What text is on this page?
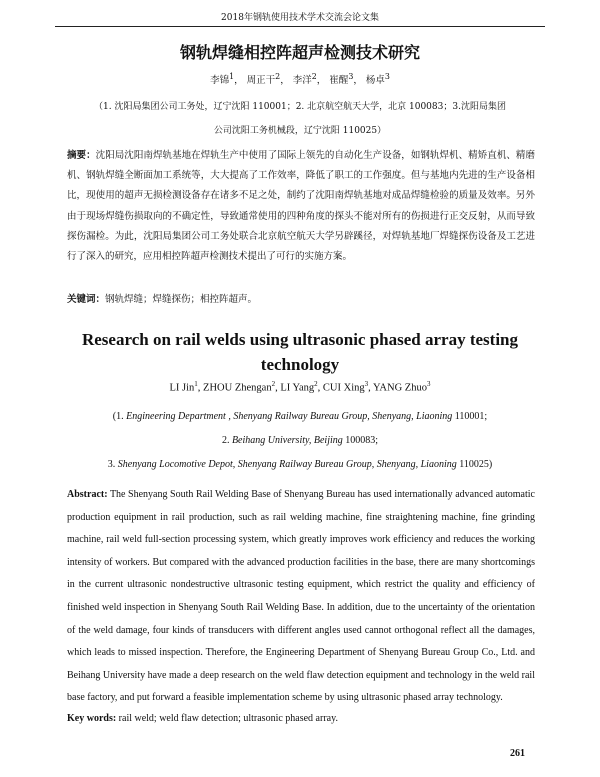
2018年钢轨使用技术学术交流会论文集
钢轨焊缝相控阵超声检测技术研究
李锦$^1$， 周正干$^2$， 李洋$^2$， 崔醒$^3$， 杨卓$^3$
（1. 沈阳局集团公司工务处，辽宁沈阳 110001；2. 北京航空航天大学，北京 100083；3.沈阳局集团
公司沈阳工务机械段，辽宁沈阳 110025）
摘要：沈阳局沈阳南焊轨基地在焊轨生产中使用了国际上领先的自动化生产设备，如钢轨焊机、精矫直机、精磨机、钢轨焊缝全断面加工系统等，大大提高了工作效率，降低了职工的工作强度。但与基地内先进的生产设备相比，现使用的超声无损检测设备存在诸多不足之处，制约了沈阳南焊轨基地对成品焊缝检验的质量及效率。另外由于现场焊缝伤损取向的不确定性，导致通常使用的四种角度的探头不能对所有的伤损进行正交反射，从而导致探伤漏检。为此，沈阳局集团公司工务处联合北京航空航天大学另辟蹊径，对焊轨基地厂焊缝探伤设备及工艺进行了深入的研究，应用相控阵超声检测技术提出了可行的实施方案。
关键词：钢轨焊缝；焊缝探伤；相控阵超声。
Research on rail welds using ultrasonic phased array testing technology
LI Jin$^1$, ZHOU Zhengan$^2$, LI Yang$^2$, CUI Xing$^3$, YANG Zhuo$^3$
(1. Engineering Department , Shenyang Railway Bureau Group, Shenyang, Liaoning 110001;
2. Beihang University, Beijing 100083;
3. Shenyang Locomotive Depot, Shenyang Railway Bureau Group, Shenyang, Liaoning 110025)
Abstract: The Shenyang South Rail Welding Base of Shenyang Bureau has used internationally advanced automatic production equipment in rail production, such as rail welding machine, fine straightening machine, fine grinding machine, rail weld full-section processing system, which greatly improves work efficiency and reduces the working intensity of workers. But compared with the advanced production facilities in the base, there are many shortcomings in the current ultrasonic nondestructive ultrasonic testing equipment, which restrict the quality and efficiency of finished weld inspection in Shenyang South Rail Welding Base. In addition, due to the uncertainty of the orientation of the weld damage, four kinds of transducers with different angles used cannot orthogonal reflect all the damages, which leads to missed inspection. Therefore, the Engineering Department of Shenyang Bureau Group Co., Ltd. and Beihang University have made a deep research on the weld flaw detection equipment and technology in the weld rail base factory, and put forward a feasible implementation scheme by using ultrasonic phased array technology.
Key words: rail weld; weld flaw detection; ultrasonic phased array.
261
